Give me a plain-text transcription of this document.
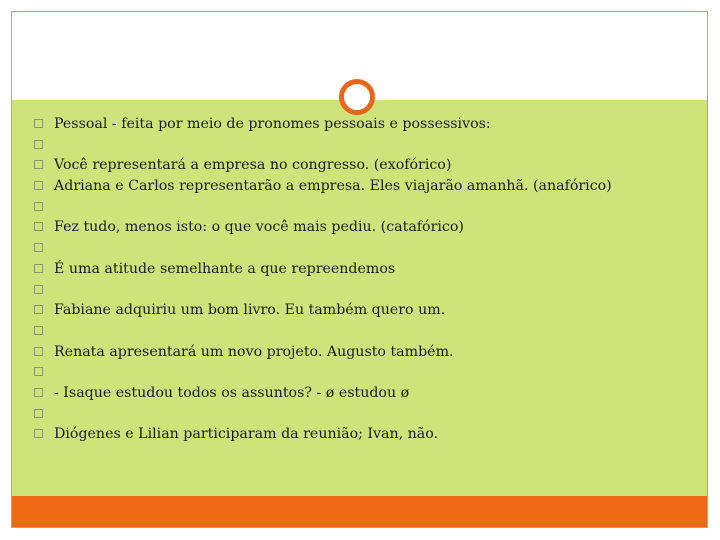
Pessoal - feita por meio de pronomes pessoais e possessivos:
Você representará a empresa no congresso. (exofórico)
Adriana e Carlos representarão a empresa. Eles viajarão amanhã. (anafórico)
Fez tudo, menos isto: o que você mais pediu. (catafórico)
É uma atitude semelhante a que repreendemos
Fabiane adquiriu um bom livro. Eu também quero um.
Renata apresentará um novo projeto. Augusto também.
- Isaque estudou todos os assuntos? - ø estudou ø
Diógenes e Lilian participaram da reunião; Ivan, não.
